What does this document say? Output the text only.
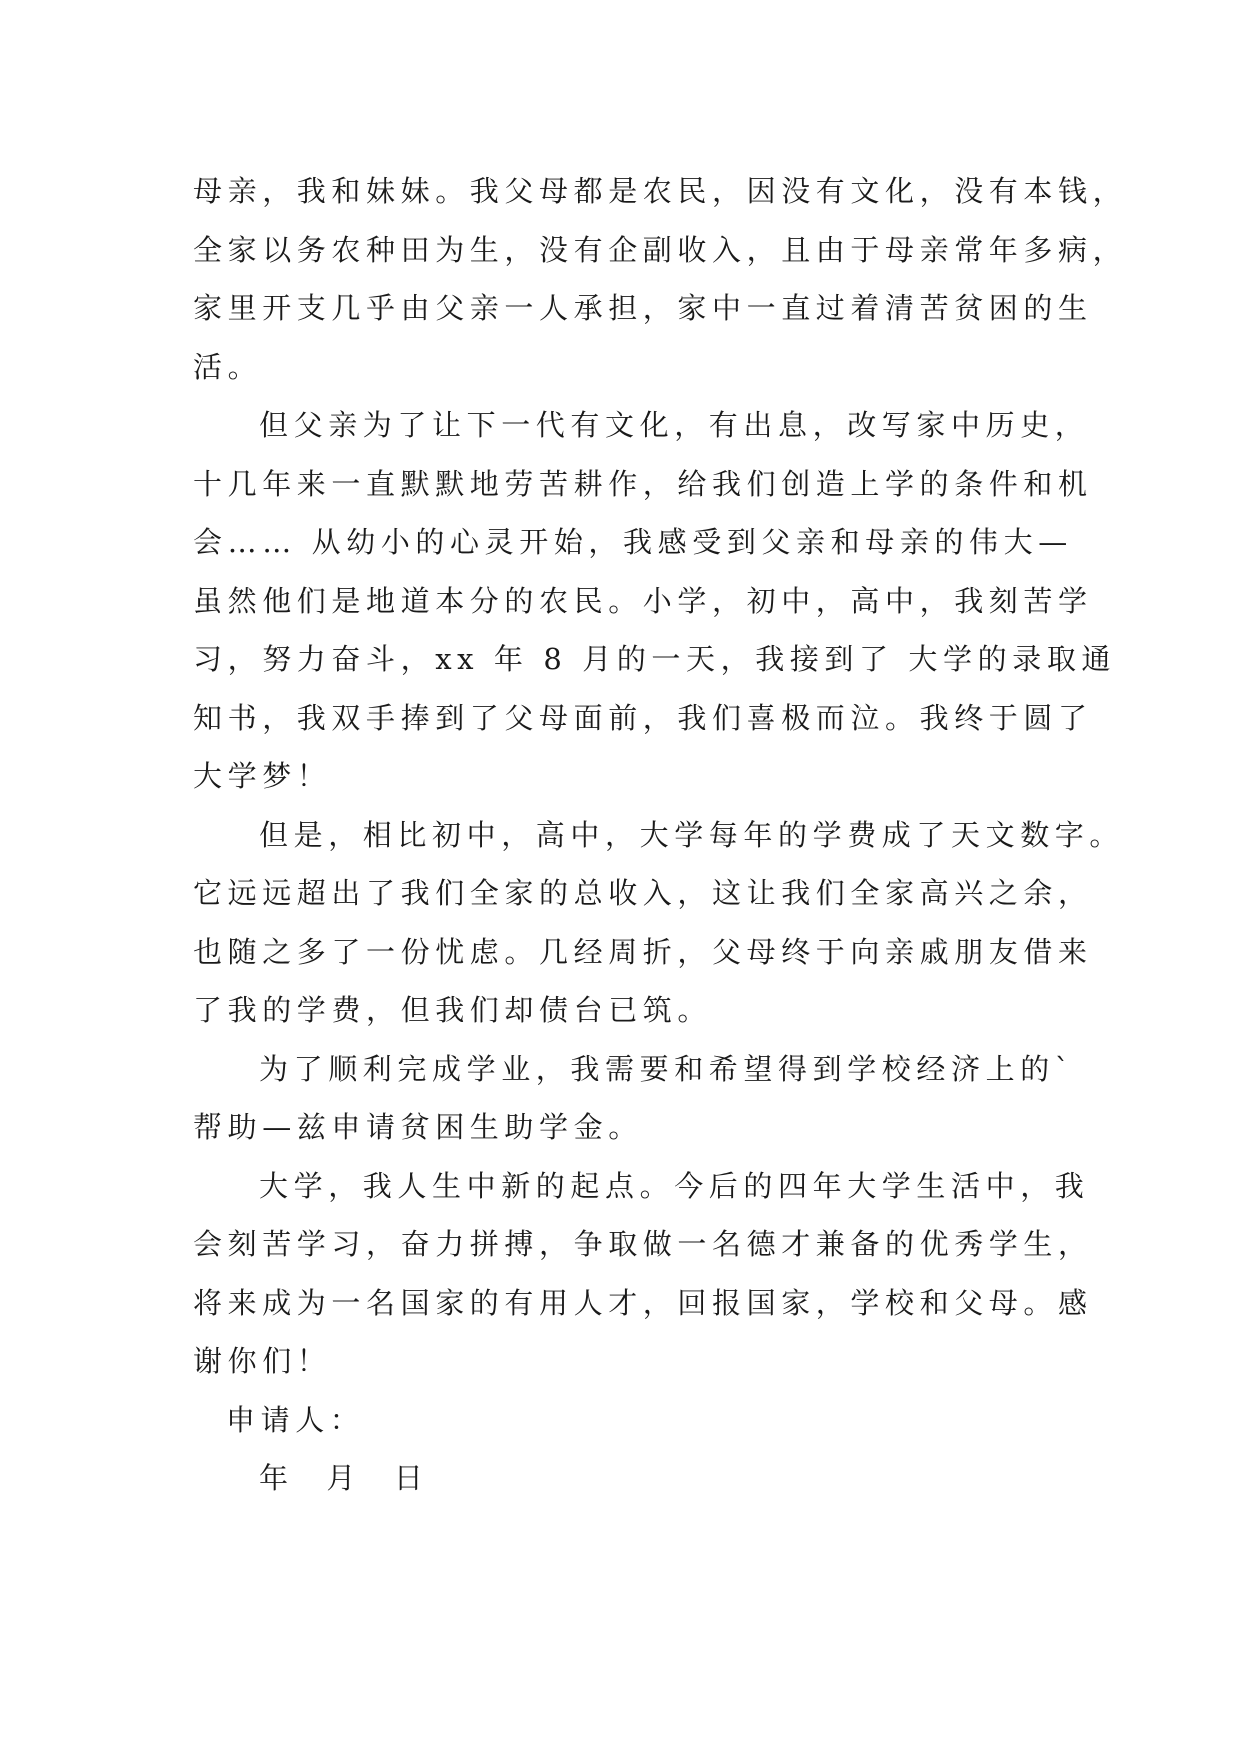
母亲，我和妹妹。我父母都是农民，因没有文化，没有本钱，
全家以务农种田为生，没有企副收入，且由于母亲常年多病，
家里开支几乎由父亲一人承担，家中一直过着清苦贫困的生
活。

但父亲为了让下一代有文化，有出息，改写家中历史，
十几年来一直默默地劳苦耕作，给我们创造上学的条件和机
会…… 从幼小的心灵开始，我感受到父亲和母亲的伟大—
虽然他们是地道本分的农民。小学，初中，高中，我刻苦学
习，努力奋斗，xx 年 8 月的一天，我接到了 大学的录取通
知书，我双手捧到了父母面前，我们喜极而泣。我终于圆了
大学梦！

但是，相比初中，高中，大学每年的学费成了天文数字。
它远远超出了我们全家的总收入，这让我们全家高兴之余，
也随之多了一份忧虑。几经周折，父母终于向亲戚朋友借来
了我的学费，但我们却债台已筑。

为了顺利完成学业，我需要和希望得到学校经济上的`
帮助—兹申请贫困生助学金。

大学，我人生中新的起点。今后的四年大学生活中，我
会刻苦学习，奋力拼搏，争取做一名德才兼备的优秀学生，
将来成为一名国家的有用人才，回报国家，学校和父母。感
谢你们！

申请人：

年 月 日
